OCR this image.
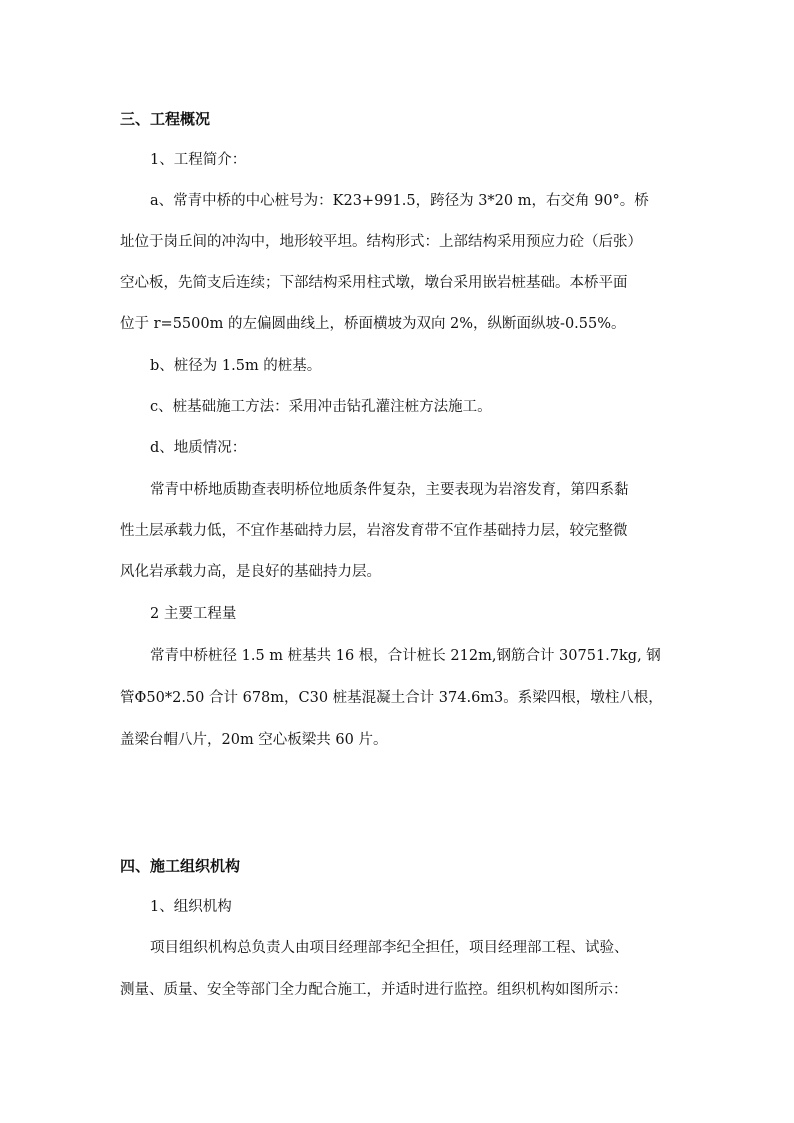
三、工程概况
1、工程简介：
a、常青中桥的中心桩号为：K23+991.5，跨径为 3*20 m，右交角 90°。桥
址位于岗丘间的冲沟中，地形较平坦。结构形式：上部结构采用预应力砼（后张）
空心板，先简支后连续；下部结构采用柱式墩，墩台采用嵌岩桩基础。本桥平面
位于 r=5500m 的左偏圆曲线上，桥面横坡为双向 2%，纵断面纵坡-0.55%。
b、桩径为 1.5m 的桩基。
c、桩基础施工方法：采用冲击钻孔灌注桩方法施工。
d、地质情况：
常青中桥地质勘查表明桥位地质条件复杂，主要表现为岩溶发育，第四系黏
性土层承载力低，不宜作基础持力层，岩溶发育带不宜作基础持力层，较完整微
风化岩承载力高，是良好的基础持力层。
2 主要工程量
常青中桥桩径 1.5 m 桩基共 16 根，合计桩长 212m,钢筋合计 30751.7kg, 钢
管Φ50*2.50 合计 678m，C30 桩基混凝土合计 374.6m3。系梁四根，墩柱八根，
盖梁台帽八片，20m 空心板梁共 60 片。
四、施工组织机构
1、组织机构
项目组织机构总负责人由项目经理部李纪全担任，项目经理部工程、试验、
测量、质量、安全等部门全力配合施工，并适时进行监控。组织机构如图所示：
